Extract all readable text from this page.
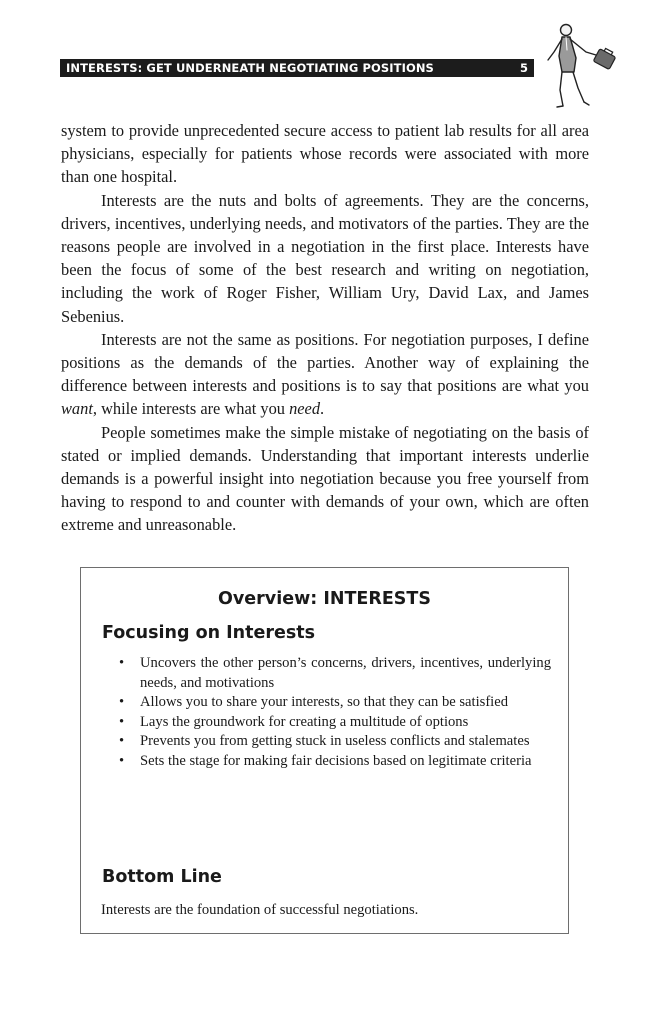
INTERESTS: GET UNDERNEATH NEGOTIATING POSITIONS	5

system to provide unprecedented secure access to patient lab results for all area physicians, especially for patients whose records were associated with more than one hospital.

Interests are the nuts and bolts of agreements. They are the concerns, drivers, incentives, underlying needs, and motivators of the parties. They are the reasons people are involved in a negotiation in the first place. Interests have been the focus of some of the best research and writing on negotiation, including the work of Roger Fisher, William Ury, David Lax, and James Sebenius.

Interests are not the same as positions. For negotiation purposes, I define positions as the demands of the parties. Another way of explaining the difference between interests and positions is to say that positions are what you want, while interests are what you need.

People sometimes make the simple mistake of negotiating on the basis of stated or implied demands. Understanding that important interests underlie demands is a powerful insight into negotiation because you free yourself from having to respond to and counter with demands of your own, which are often extreme and unreasonable.

Overview: INTERESTS
Focusing on Interests
• Uncovers the other person’s concerns, drivers, incentives, underlying needs, and motivations
• Allows you to share your interests, so that they can be satisfied
• Lays the groundwork for creating a multitude of options
• Prevents you from getting stuck in useless conflicts and stalemates
• Sets the stage for making fair decisions based on legitimate criteria
Bottom Line
Interests are the foundation of successful negotiations.
